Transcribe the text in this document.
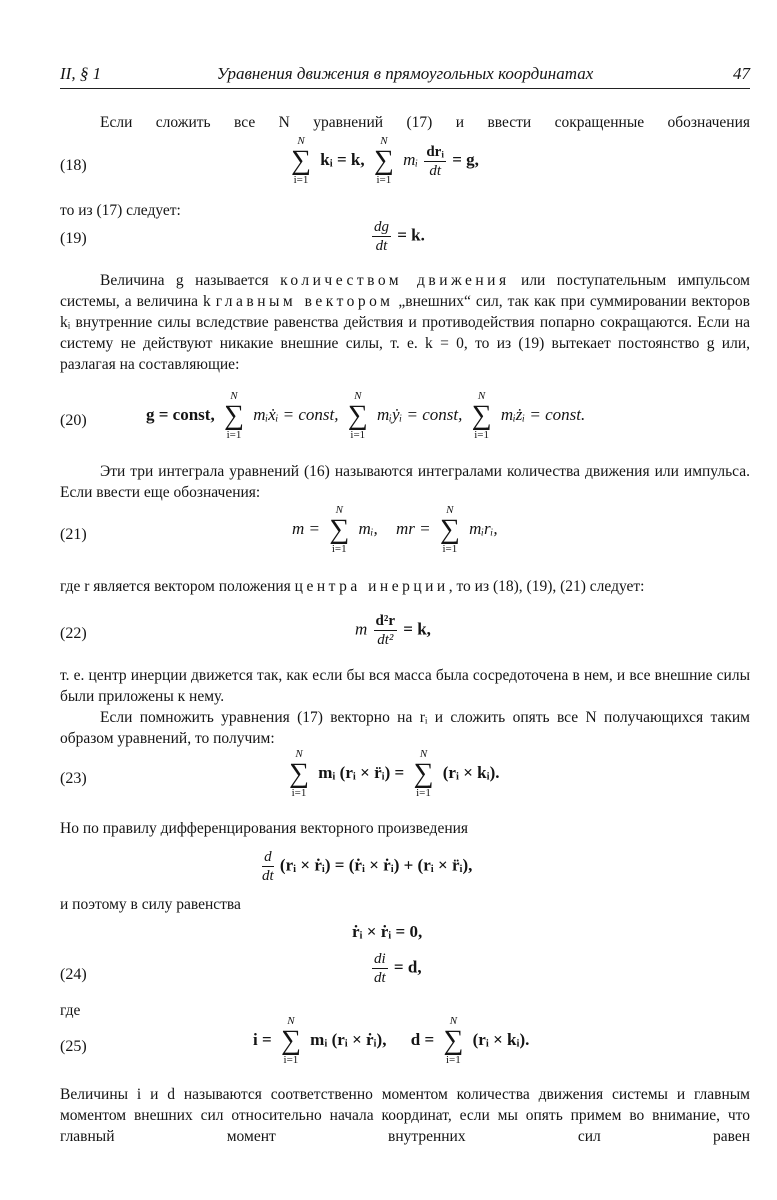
II, § 1	Уравнения движения в прямоугольных координатах	47
Если сложить все N уравнений (17) и ввести сокращенные обозначения
(18)
N
∑
i=1
kᵢ = k,
N
∑
i=1
mᵢ $\frac{\text{drᵢ}}{dt} = g$,
то из (17) следует:
(19)	$\frac{dg}{dt} = k$.
Величина g называется количеством движения или поступательным импульсом системы, а величина k главным вектором „внешних“ сил, так как при суммировании векторов kᵢ внутренние силы вследствие равенства действия и противодействия попарно сокращаются. Если на систему не действуют никакие внешние силы, т. е. k = 0, то из (19) вытекает постоянство g или, разлагая на составляющие:
(20)	g = const,
N
∑
i=1
mᵢẋᵢ = const,
N
∑
i=1
mᵢẏᵢ = const,
N
∑
i=1
mᵢżᵢ = const.
Эти три интеграла уравнений (16) называются интегралами количества движения или импульса. Если ввести еще обозначения:
(21)	m =
N
∑
i=1
mᵢ, mr =
N
∑
i=1
mᵢrᵢ,
где r является вектором положения центра инерции, то из (18), (19), (21) следует:
(22)	m $\frac{\text{d²r}}{\text{dt²}} = k$,
т. е. центр инерции движется так, как если бы вся масса была сосредоточена в нем, и все внешние силы были приложены к нему.
Если помножить уравнения (17) векторно на rᵢ и сложить опять все N получающихся таким образом уравнений, то получим:
(23)
N
∑
i=1
mᵢ (rᵢ × r̈ᵢ) =
N
∑
i=1
(rᵢ × kᵢ).
Но по правилу дифференцирования векторного произведения
$\frac{d}{dt}$ (rᵢ × ṙᵢ) = (ṙᵢ × ṙᵢ) + (rᵢ × r̈ᵢ),
и поэтому в силу равенства
ṙᵢ × ṙᵢ = 0,
(24)	$\frac{di}{dt} = d$,
где
(25)	i =
N
∑
i=1
mᵢ (rᵢ × ṙᵢ), d =
N
∑
i=1
(rᵢ × kᵢ).
Величины i и d называются соответственно моментом количества движения системы и главным моментом внешних сил относительно начала координат, если мы опять примем во внимание, что главный момент внутренних сил равен
